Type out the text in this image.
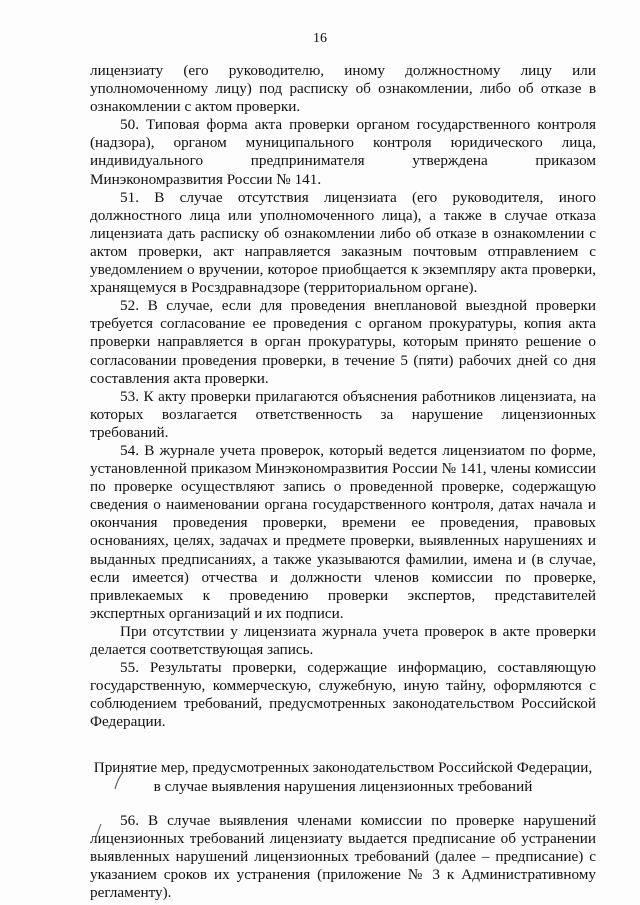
16

лицензиату (его руководителю, иному должностному лицу или уполномоченному лицу) под расписку об ознакомлении, либо об отказе в ознакомлении с актом проверки.

50. Типовая форма акта проверки органом государственного контроля (надзора), органом муниципального контроля юридического лица, индивидуального предпринимателя утверждена приказом Минэкономразвития России № 141.

51. В случае отсутствия лицензиата (его руководителя, иного должностного лица или уполномоченного лица), а также в случае отказа лицензиата дать расписку об ознакомлении либо об отказе в ознакомлении с актом проверки, акт направляется заказным почтовым отправлением с уведомлением о вручении, которое приобщается к экземпляру акта проверки, хранящемуся в Росздравнадзоре (территориальном органе).

52. В случае, если для проведения внеплановой выездной проверки требуется согласование ее проведения с органом прокуратуры, копия акта проверки направляется в орган прокуратуры, которым принято решение о согласовании проведения проверки, в течение 5 (пяти) рабочих дней со дня составления акта проверки.

53. К акту проверки прилагаются объяснения работников лицензиата, на которых возлагается ответственность за нарушение лицензионных требований.

54. В журнале учета проверок, который ведется лицензиатом по форме, установленной приказом Минэкономразвития России № 141, члены комиссии по проверке осуществляют запись о проведенной проверке, содержащую сведения о наименовании органа государственного контроля, датах начала и окончания проведения проверки, времени ее проведения, правовых основаниях, целях, задачах и предмете проверки, выявленных нарушениях и выданных предписаниях, а также указываются фамилии, имена и (в случае, если имеется) отчества и должности членов комиссии по проверке, привлекаемых к проведению проверки экспертов, представителей экспертных организаций и их подписи.

При отсутствии у лицензиата журнала учета проверок в акте проверки делается соответствующая запись.

55. Результаты проверки, содержащие информацию, составляющую государственную, коммерческую, служебную, иную тайну, оформляются с соблюдением требований, предусмотренных законодательством Российской Федерации.

Принятие мер, предусмотренных законодательством Российской Федерации,
в случае выявления нарушения лицензионных требований

56. В случае выявления членами комиссии по проверке нарушений лицензионных требований лицензиату выдается предписание об устранении выявленных нарушений лицензионных требований (далее – предписание) с указанием сроков их устранения (приложение № 3 к Административному регламенту).
